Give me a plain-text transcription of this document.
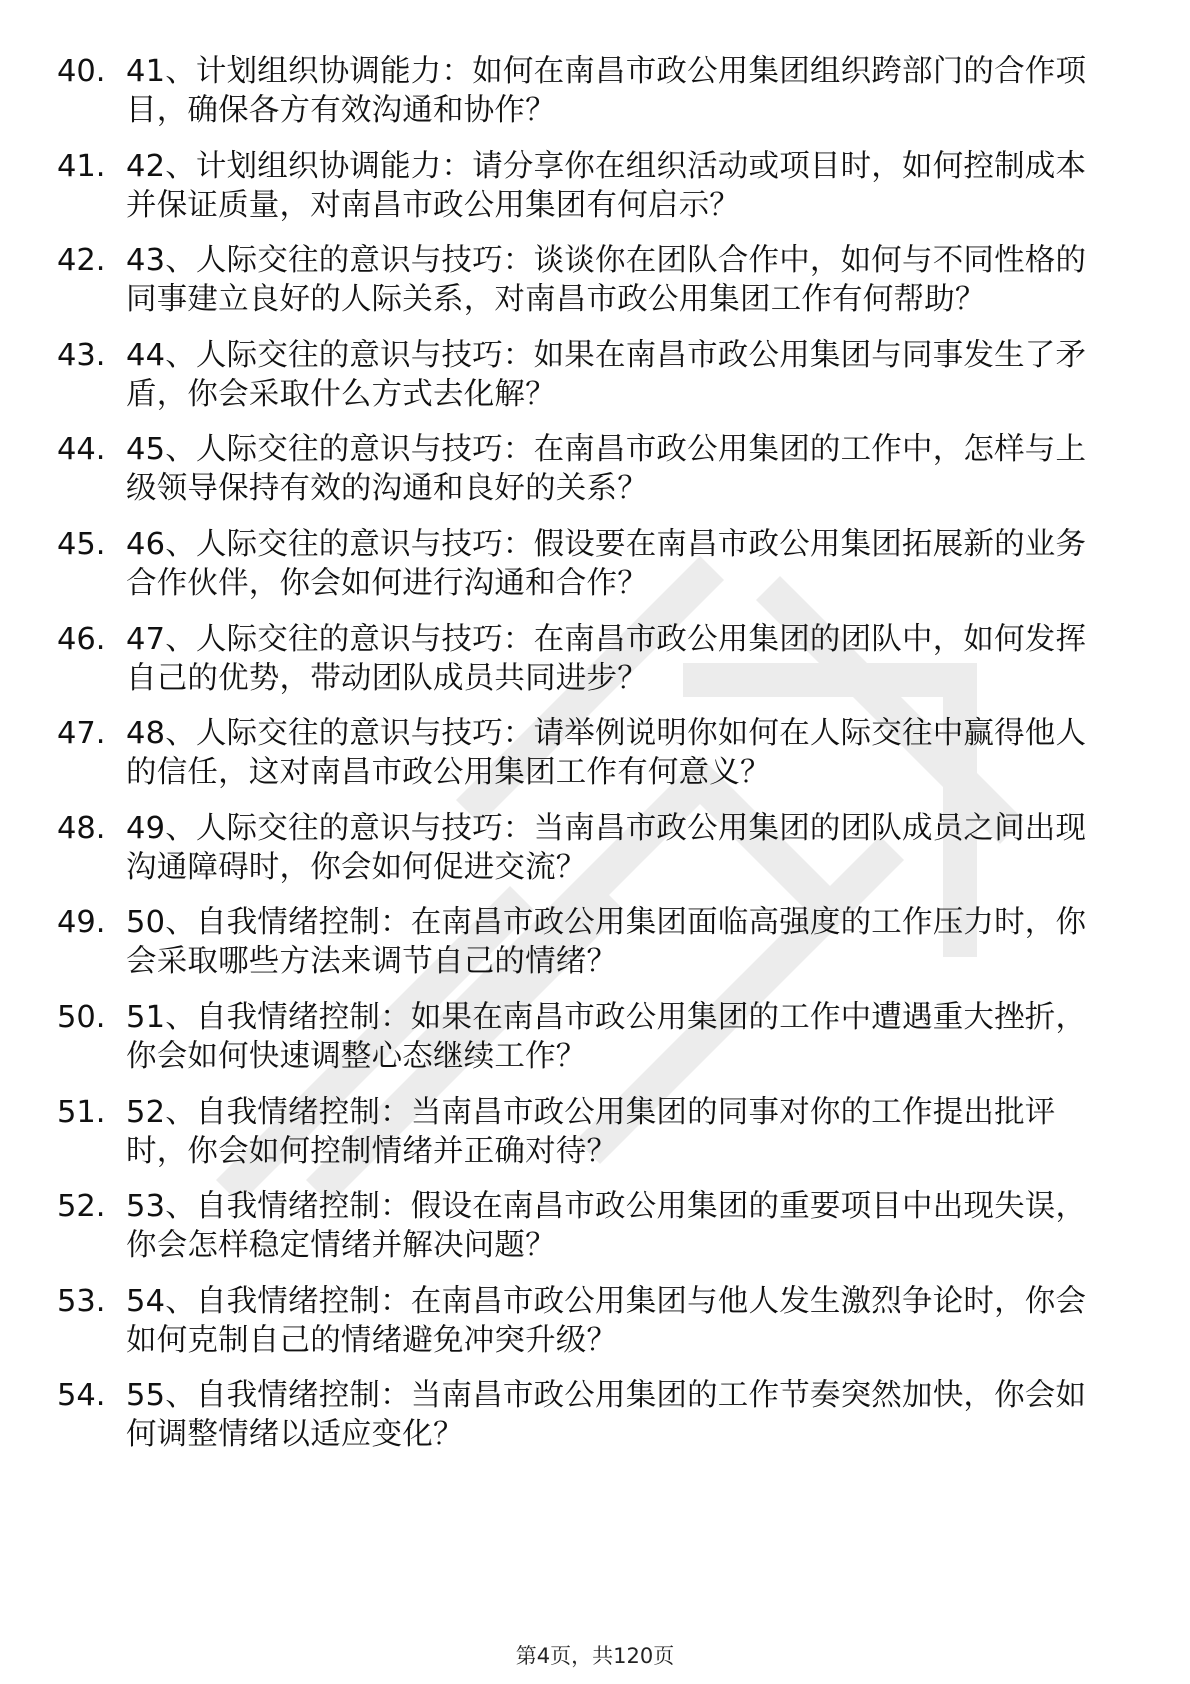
40. 41、计划组织协调能力：如何在南昌市政公用集团组织跨部门的合作项目，确保各方有效沟通和协作？
41. 42、计划组织协调能力：请分享你在组织活动或项目时，如何控制成本并保证质量，对南昌市政公用集团有何启示？
42. 43、人际交往的意识与技巧：谈谈你在团队合作中，如何与不同性格的同事建立良好的人际关系，对南昌市政公用集团工作有何帮助？
43. 44、人际交往的意识与技巧：如果在南昌市政公用集团与同事发生了矛盾，你会采取什么方式去化解？
44. 45、人际交往的意识与技巧：在南昌市政公用集团的工作中，怎样与上级领导保持有效的沟通和良好的关系？
45. 46、人际交往的意识与技巧：假设要在南昌市政公用集团拓展新的业务合作伙伴，你会如何进行沟通和合作？
46. 47、人际交往的意识与技巧：在南昌市政公用集团的团队中，如何发挥自己的优势，带动团队成员共同进步？
47. 48、人际交往的意识与技巧：请举例说明你如何在人际交往中赢得他人的信任，这对南昌市政公用集团工作有何意义？
48. 49、人际交往的意识与技巧：当南昌市政公用集团的团队成员之间出现沟通障碍时，你会如何促进交流？
49. 50、自我情绪控制：在南昌市政公用集团面临高强度的工作压力时，你会采取哪些方法来调节自己的情绪？
50. 51、自我情绪控制：如果在南昌市政公用集团的工作中遭遇重大挫折，你会如何快速调整心态继续工作？
51. 52、自我情绪控制：当南昌市政公用集团的同事对你的工作提出批评时，你会如何控制情绪并正确对待？
52. 53、自我情绪控制：假设在南昌市政公用集团的重要项目中出现失误，你会怎样稳定情绪并解决问题？
53. 54、自我情绪控制：在南昌市政公用集团与他人发生激烈争论时，你会如何克制自己的情绪避免冲突升级？
54. 55、自我情绪控制：当南昌市政公用集团的工作节奏突然加快，你会如何调整情绪以适应变化？
第4页，共120页
